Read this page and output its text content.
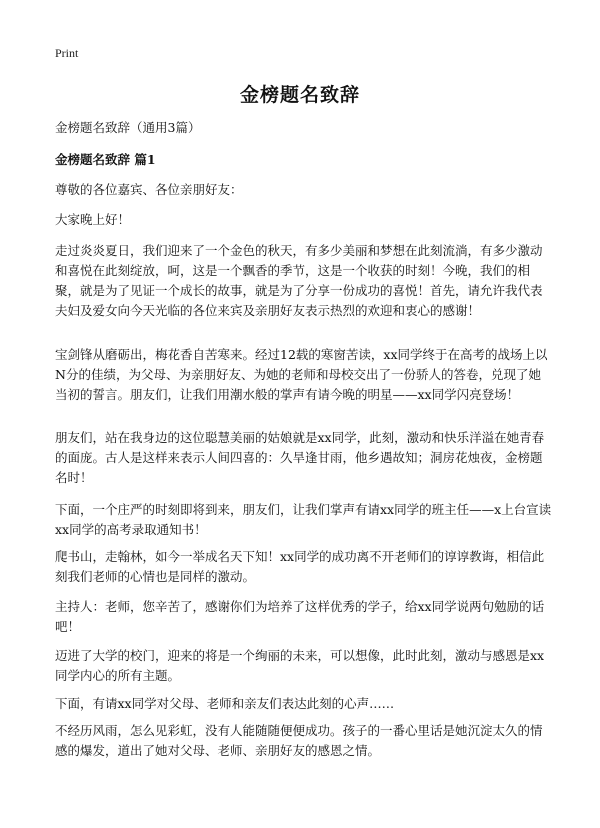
Print
金榜题名致辞
金榜题名致辞（通用3篇）
金榜题名致辞 篇1

尊敬的各位嘉宾、各位亲朋好友：

大家晚上好！

走过炎炎夏日，我们迎来了一个金色的秋天，有多少美丽和梦想在此刻流淌，有多少激动和喜悦在此刻绽放，呵，这是一个飘香的季节，这是一个收获的时刻！今晚，我们的相聚，就是为了见证一个成长的故事，就是为了分享一份成功的喜悦！首先，请允许我代表夫妇及爱女向今天光临的各位来宾及亲朋好友表示热烈的欢迎和衷心的感谢！

宝剑锋从磨砺出，梅花香自苦寒来。经过12载的寒窗苦读，xx同学终于在高考的战场上以N分的佳绩，为父母、为亲朋好友、为她的老师和母校交出了一份骄人的答卷，兑现了她当初的誓言。朋友们，让我们用潮水般的掌声有请今晚的明星——xx同学闪亮登场！

朋友们，站在我身边的这位聪慧美丽的姑娘就是xx同学，此刻，激动和快乐洋溢在她青春的面庞。古人是这样来表示人间四喜的：久旱逢甘雨，他乡遇故知；洞房花烛夜，金榜题名时！

下面，一个庄严的时刻即将到来，朋友们，让我们掌声有请xx同学的班主任——x上台宣读xx同学的高考录取通知书！

爬书山，走翰林，如今一举成名天下知！xx同学的成功离不开老师们的谆谆教诲，相信此刻我们老师的心情也是同样的激动。

主持人：老师，您辛苦了，感谢你们为培养了这样优秀的学子，给xx同学说两句勉励的话吧！

迈进了大学的校门，迎来的将是一个绚丽的未来，可以想像，此时此刻，激动与感恩是xx同学内心的所有主题。

下面，有请xx同学对父母、老师和亲友们表达此刻的心声……

不经历风雨，怎么见彩虹，没有人能随随便便成功。孩子的一番心里话是她沉淀太久的情感的爆发，道出了她对父母、老师、亲朋好友的感恩之情。
